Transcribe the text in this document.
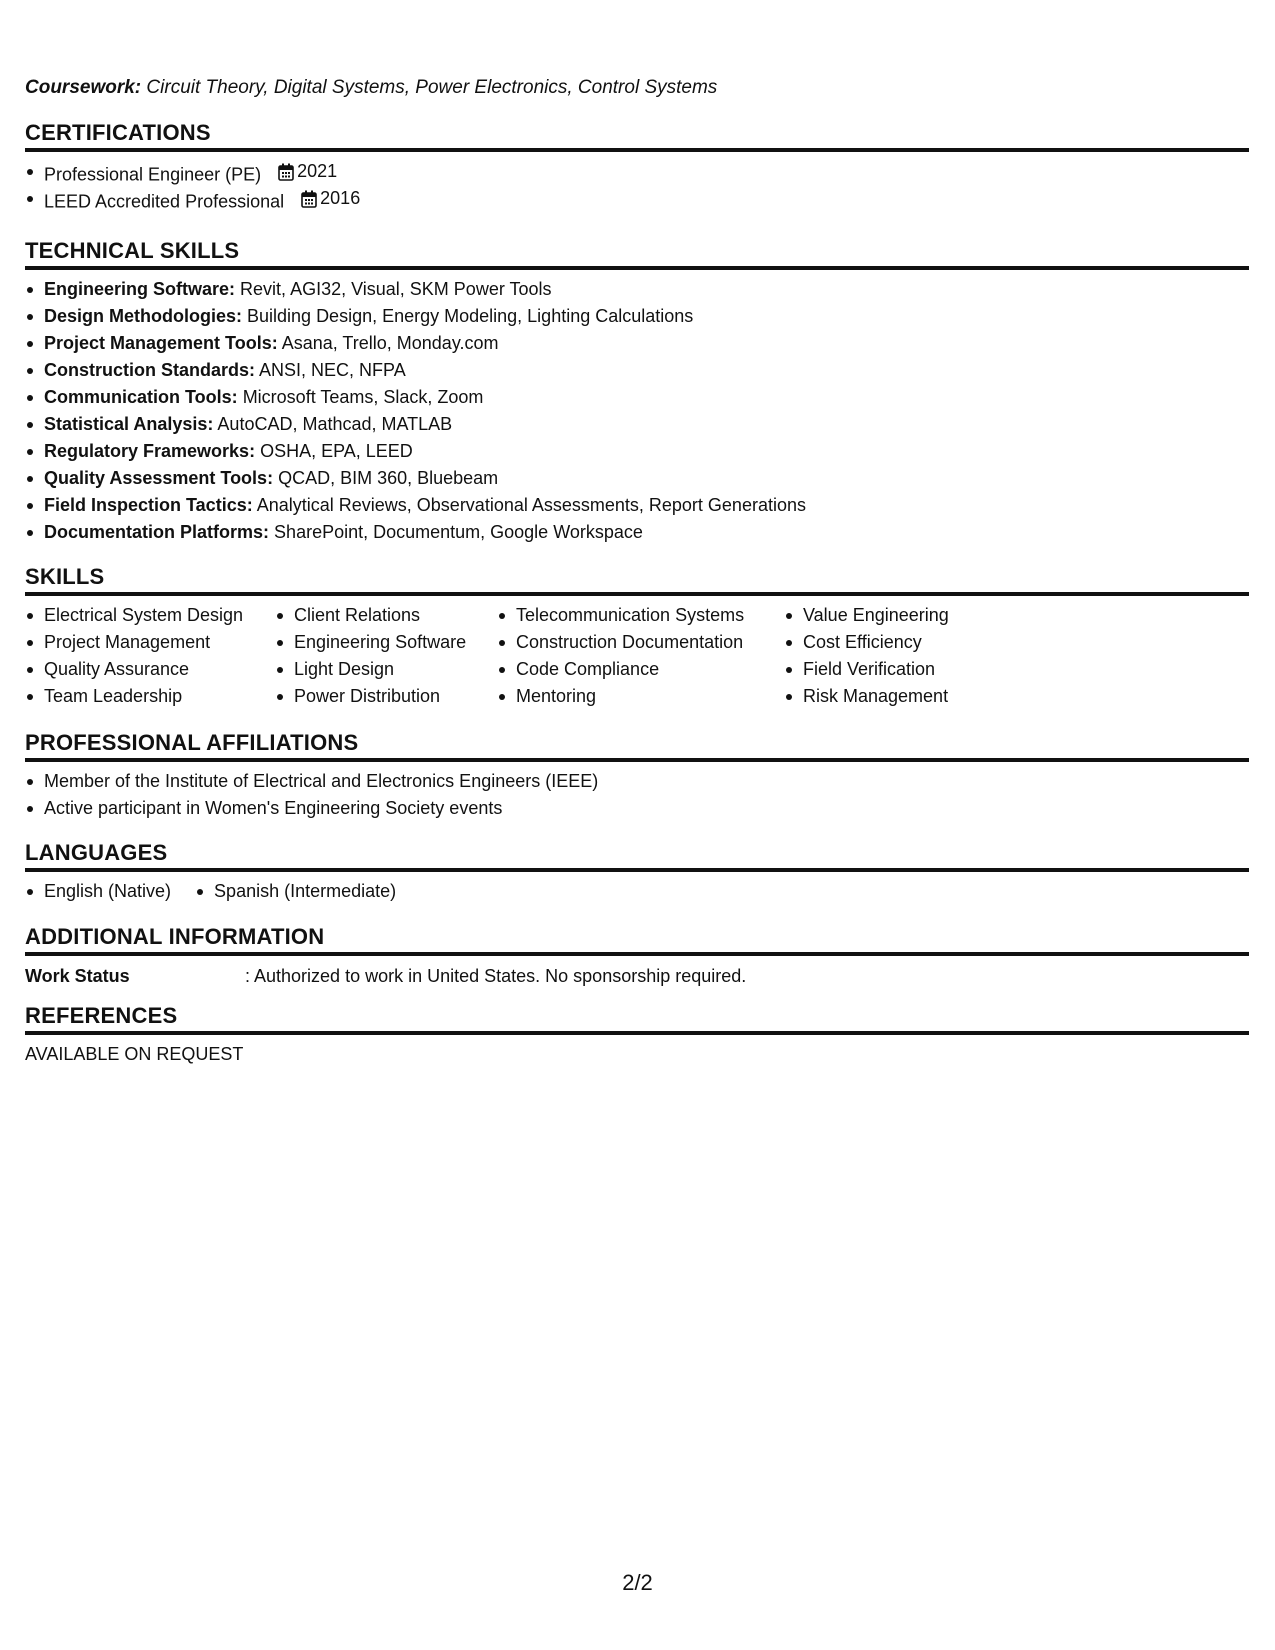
Coursework: Circuit Theory, Digital Systems, Power Electronics, Control Systems
CERTIFICATIONS
Professional Engineer (PE) 2021
LEED Accredited Professional 2016
TECHNICAL SKILLS
Engineering Software: Revit, AGI32, Visual, SKM Power Tools
Design Methodologies: Building Design, Energy Modeling, Lighting Calculations
Project Management Tools: Asana, Trello, Monday.com
Construction Standards: ANSI, NEC, NFPA
Communication Tools: Microsoft Teams, Slack, Zoom
Statistical Analysis: AutoCAD, Mathcad, MATLAB
Regulatory Frameworks: OSHA, EPA, LEED
Quality Assessment Tools: QCAD, BIM 360, Bluebeam
Field Inspection Tactics: Analytical Reviews, Observational Assessments, Report Generations
Documentation Platforms: SharePoint, Documentum, Google Workspace
SKILLS
Electrical System Design
Project Management
Quality Assurance
Team Leadership
Client Relations
Engineering Software
Light Design
Power Distribution
Telecommunication Systems
Construction Documentation
Code Compliance
Mentoring
Value Engineering
Cost Efficiency
Field Verification
Risk Management
PROFESSIONAL AFFILIATIONS
Member of the Institute of Electrical and Electronics Engineers (IEEE)
Active participant in Women's Engineering Society events
LANGUAGES
English (Native)	Spanish (Intermediate)
ADDITIONAL INFORMATION
Work Status	: Authorized to work in United States. No sponsorship required.
REFERENCES
AVAILABLE ON REQUEST
2/2
